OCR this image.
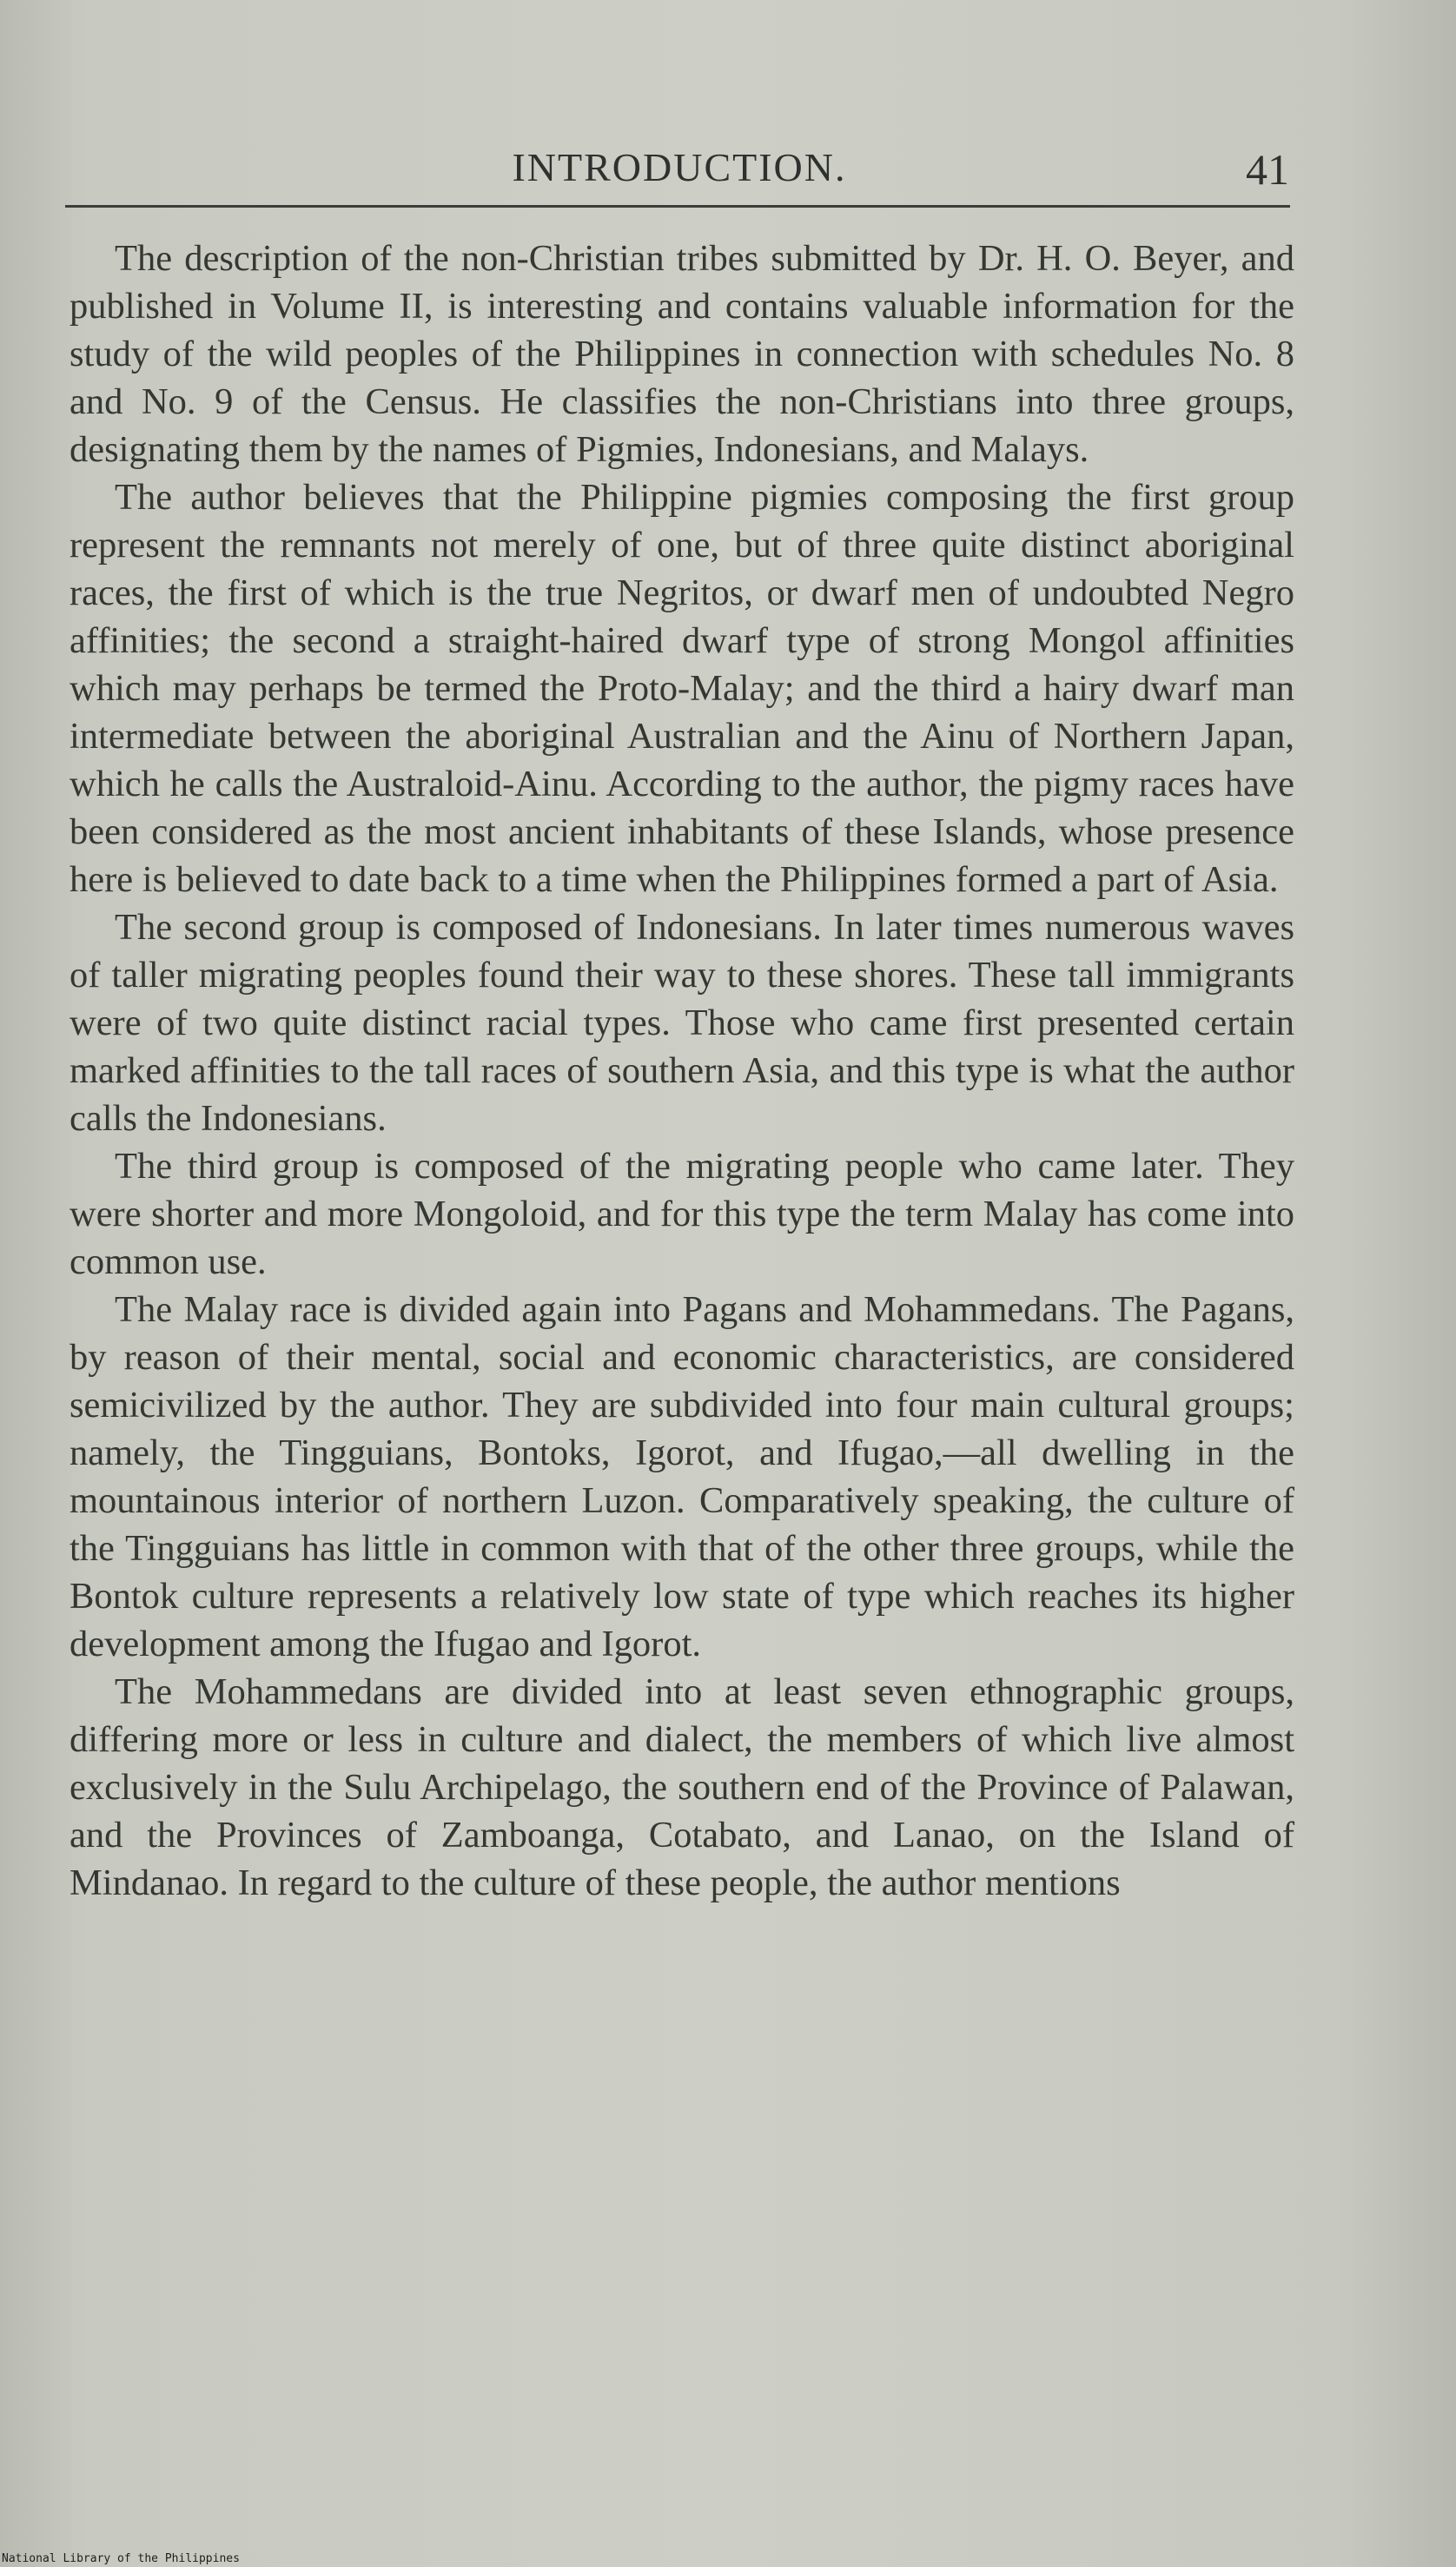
INTRODUCTION.	41

The description of the non-Christian tribes submitted by Dr. H. O. Beyer, and published in Volume II, is interesting and contains valuable information for the study of the wild peoples of the Philippines in connection with schedules No. 8 and No. 9 of the Census. He classifies the non-Christians into three groups, designating them by the names of Pigmies, Indonesians, and Malays.

The author believes that the Philippine pigmies composing the first group represent the remnants not merely of one, but of three quite distinct aboriginal races, the first of which is the true Negritos, or dwarf men of undoubted Negro affinities; the second a straight-haired dwarf type of strong Mongol affinities which may perhaps be termed the Proto-Malay; and the third a hairy dwarf man intermediate between the aboriginal Australian and the Ainu of Northern Japan, which he calls the Australoid-Ainu. According to the author, the pigmy races have been considered as the most ancient inhabitants of these Islands, whose presence here is believed to date back to a time when the Philippines formed a part of Asia.

The second group is composed of Indonesians. In later times numerous waves of taller migrating peoples found their way to these shores. These tall immigrants were of two quite distinct racial types. Those who came first presented certain marked affinities to the tall races of southern Asia, and this type is what the author calls the Indonesians.

The third group is composed of the migrating people who came later. They were shorter and more Mongoloid, and for this type the term Malay has come into common use.

The Malay race is divided again into Pagans and Mohammedans. The Pagans, by reason of their mental, social and economic characteristics, are considered semicivilized by the author. They are subdivided into four main cultural groups; namely, the Tingguians, Bontoks, Igorot, and Ifugao,—all dwelling in the mountainous interior of northern Luzon. Comparatively speaking, the culture of the Tingguians has little in common with that of the other three groups, while the Bontok culture represents a relatively low state of type which reaches its higher development among the Ifugao and Igorot.

The Mohammedans are divided into at least seven ethnographic groups, differing more or less in culture and dialect, the members of which live almost exclusively in the Sulu Archipelago, the southern end of the Province of Palawan, and the Provinces of Zamboanga, Cotabato, and Lanao, on the Island of Mindanao. In regard to the culture of these people, the author mentions

National Library of the Philippines
